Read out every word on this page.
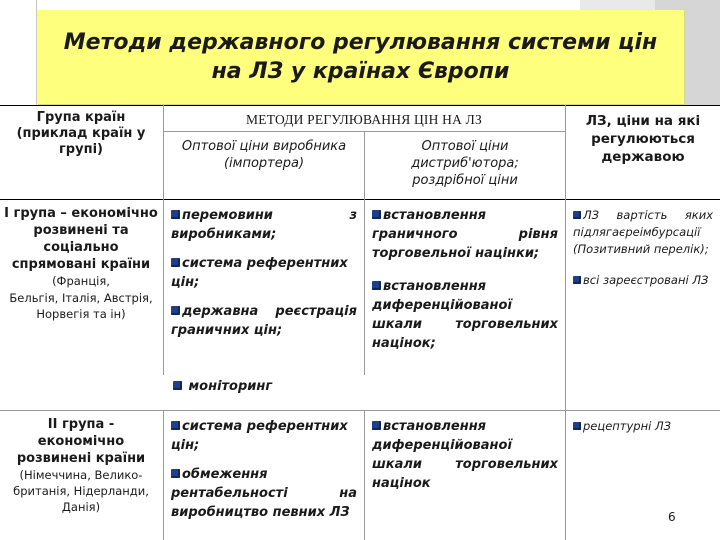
Методи державного регулювання системи цін на ЛЗ у країнах Європи
Група країн (приклад країн у групі)
МЕТОДИ РЕГУЛЮВАННЯ ЦІН НА ЛЗ
Оптової ціни виробника (імпортера)
Оптової ціни дистриб'ютора; роздрібної ціни
ЛЗ, ціни на які регулюються державою
І група – економічно розвинені та соціально спрямовані країни (Франція,
Бельгія, Італія, Австрія, Норвегія та ін)
перемовини з виробниками;
система референтних цін;
державна реєстрація граничних цін;
встановлення граничного рівня торговельної націнки;
встановлення диференційованої шкали торговельних націнок;
ЛЗ вартість яких підлягаєреімбурсації (Позитивний перелік);
всі зареєстровані ЛЗ
моніторинг
ІІ група - економічно розвинені країни
(Німеччина, Велико-британія, Нідерланди, Данія)
система референтних цін;
обмеження рентабельності на виробництво певних ЛЗ
встановлення диференційованої шкали торговельних націнок
рецептурні ЛЗ
6
